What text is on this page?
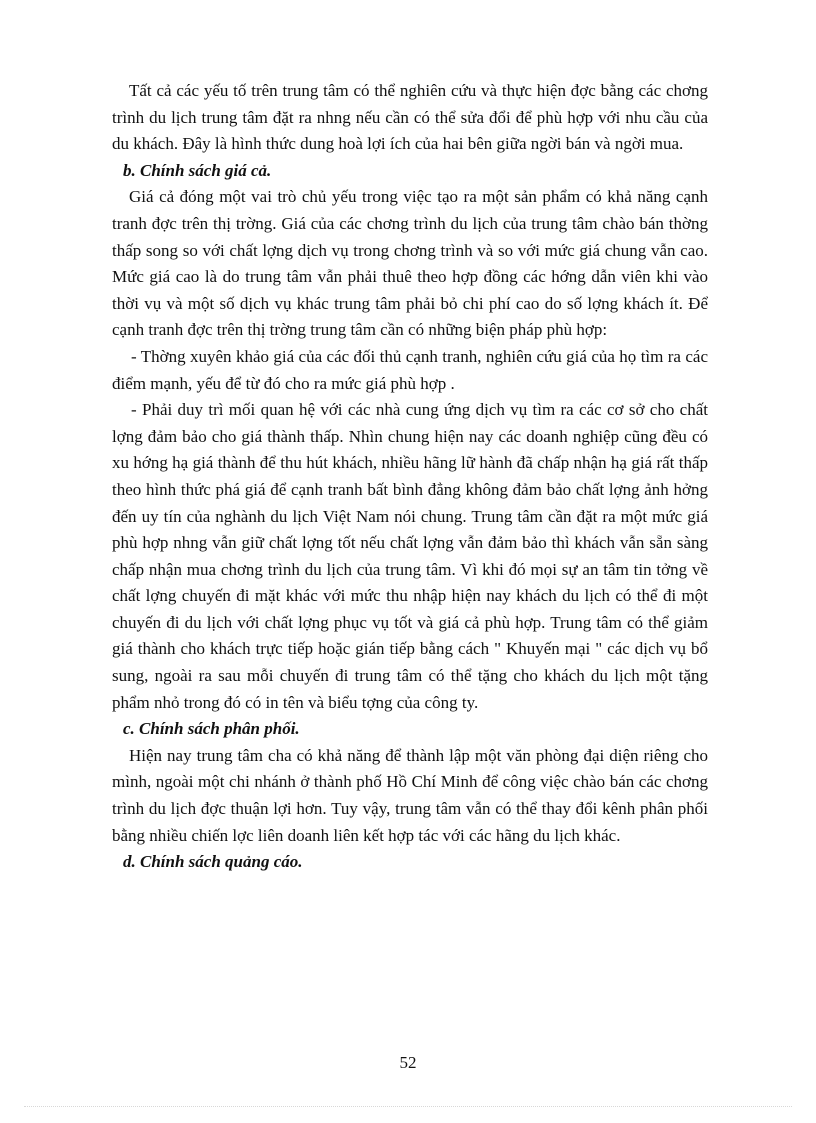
Tất cả các yếu tố trên trung tâm có thể nghiên cứu và thực hiện đợc bằng các chơng trình du lịch trung tâm đặt ra nhng nếu cần có thể sửa đổi để phù hợp với nhu cầu của du khách. Đây là hình thức dung hoà lợi ích của hai bên giữa ngời bán và ngời mua.

b. Chính sách giá cả.

Giá cả đóng một vai trò chủ yếu trong việc tạo ra một sản phẩm có khả năng cạnh tranh đợc trên thị trờng. Giá của các chơng trình du lịch của trung tâm chào bán thờng thấp song so với chất lợng dịch vụ trong chơng trình và so với mức giá chung vẫn cao. Mức giá cao là do trung tâm vẫn phải thuê theo hợp đồng các hớng dẫn viên khi vào thời vụ và một số dịch vụ khác trung tâm phải bỏ chi phí cao do số lợng khách ít. Để cạnh tranh đợc trên thị trờng trung tâm cần có những biện pháp phù hợp:

- Thờng xuyên khảo giá của các đối thủ cạnh tranh, nghiên cứu giá của họ tìm ra các điểm mạnh, yếu để từ đó cho ra mức giá phù hợp .

- Phải duy trì mối quan hệ với các nhà cung ứng dịch vụ tìm ra các cơ sở cho chất lợng đảm bảo cho giá thành thấp. Nhìn chung hiện nay các doanh nghiệp cũng đều có xu hớng hạ giá thành để thu hút khách, nhiều hãng lữ hành đã chấp nhận hạ giá rất thấp theo hình thức phá giá để cạnh tranh bất bình đẳng không đảm bảo chất lợng ảnh hởng đến uy tín của nghành du lịch Việt Nam nói chung. Trung tâm cần đặt ra một mức giá phù hợp nhng vẫn giữ chất lợng tốt nếu chất lợng vẫn đảm bảo thì khách vẫn sẵn sàng chấp nhận mua chơng trình du lịch của trung tâm. Vì khi đó mọi sự an tâm tin tởng về chất lợng chuyến đi mặt khác với mức thu nhập hiện nay khách du lịch có thể đi một chuyến đi du lịch với chất lợng phục vụ tốt và giá cả phù hợp. Trung tâm có thể giảm giá thành cho khách trực tiếp hoặc gián tiếp bằng cách " Khuyến mại " các dịch vụ bổ sung, ngoài ra sau mỗi chuyến đi trung tâm có thể tặng cho khách du lịch một tặng phẩm nhỏ trong đó có in tên và biểu tợng của công ty.

c. Chính sách phân phối.

Hiện nay trung tâm cha có khả năng để thành lập một văn phòng đại diện riêng cho mình, ngoài một chi nhánh ở thành phố Hồ Chí Minh để công việc chào bán các chơng trình du lịch đợc thuận lợi hơn. Tuy vậy, trung tâm vẫn có thể thay đổi kênh phân phối bằng nhiều chiến lợc liên doanh liên kết hợp tác với các hãng du lịch khác.

d. Chính sách quảng cáo.
52
